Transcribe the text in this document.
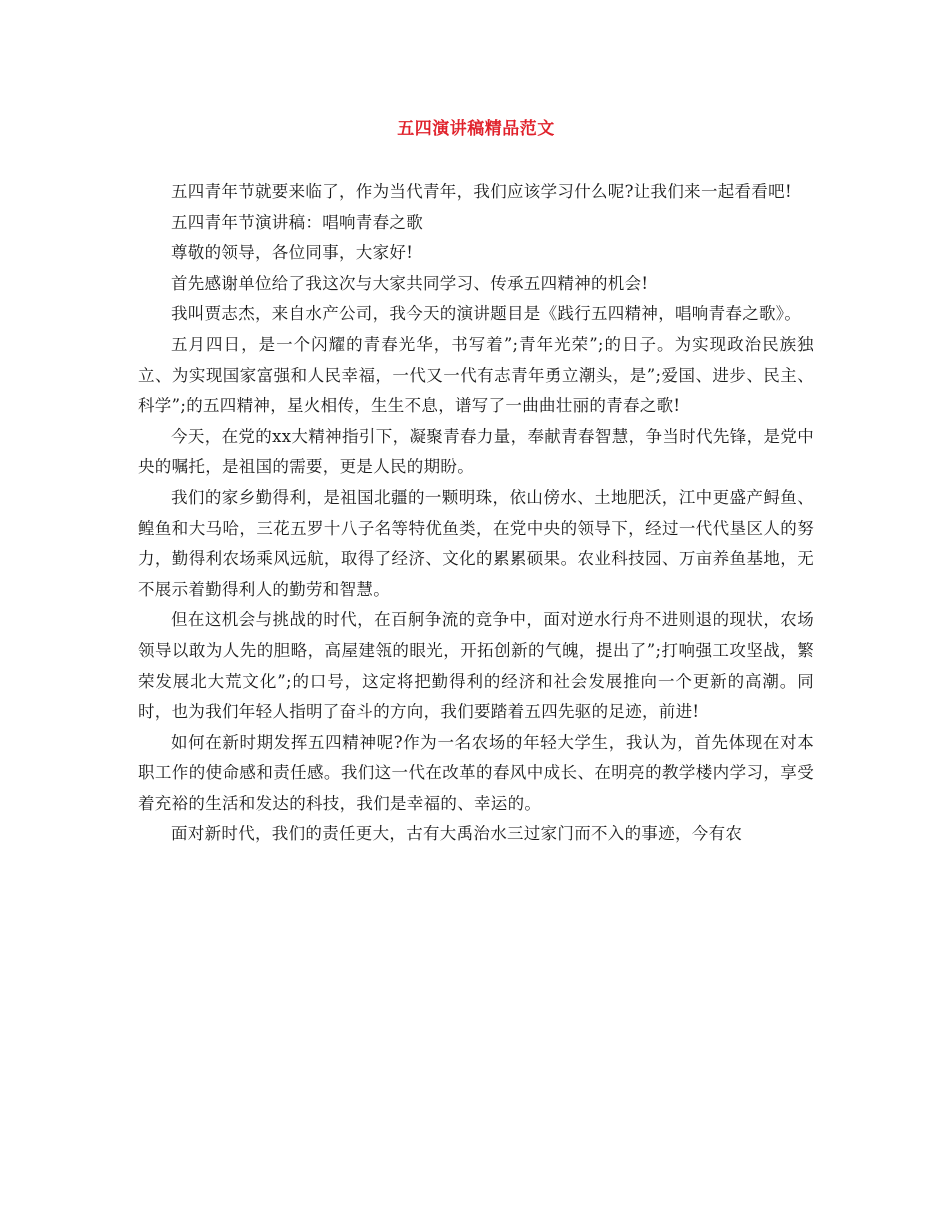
五四演讲稿精品范文

五四青年节就要来临了，作为当代青年，我们应该学习什么呢?让我们来一起看看吧!

五四青年节演讲稿：唱响青春之歌

尊敬的领导，各位同事，大家好!

首先感谢单位给了我这次与大家共同学习、传承五四精神的机会!

我叫贾志杰，来自水产公司，我今天的演讲题目是《践行五四精神，唱响青春之歌》。

五月四日，是一个闪耀的青春光华，书写着”;青年光荣”;的日子。为实现政治民族独立、为实现国家富强和人民幸福，一代又一代有志青年勇立潮头，是”;爱国、进步、民主、科学”;的五四精神，星火相传，生生不息，谱写了一曲曲壮丽的青春之歌!

今天，在党的xx大精神指引下，凝聚青春力量，奉献青春智慧，争当时代先锋，是党中央的嘱托，是祖国的需要，更是人民的期盼。

我们的家乡勤得利，是祖国北疆的一颗明珠，依山傍水、土地肥沃，江中更盛产鲟鱼、鳇鱼和大马哈，三花五罗十八子名等特优鱼类，在党中央的领导下，经过一代代垦区人的努力，勤得利农场乘风远航，取得了经济、文化的累累硕果。农业科技园、万亩养鱼基地，无不展示着勤得利人的勤劳和智慧。

但在这机会与挑战的时代，在百舸争流的竞争中，面对逆水行舟不进则退的现状，农场领导以敢为人先的胆略，高屋建瓴的眼光，开拓创新的气魄，提出了”;打响强工攻坚战，繁荣发展北大荒文化”;的口号，这定将把勤得利的经济和社会发展推向一个更新的高潮。同时，也为我们年轻人指明了奋斗的方向，我们要踏着五四先驱的足迹，前进!

如何在新时期发挥五四精神呢?作为一名农场的年轻大学生，我认为，首先体现在对本职工作的使命感和责任感。我们这一代在改革的春风中成长、在明亮的教学楼内学习，享受着充裕的生活和发达的科技，我们是幸福的、幸运的。

面对新时代，我们的责任更大，古有大禹治水三过家门而不入的事迹，今有农
